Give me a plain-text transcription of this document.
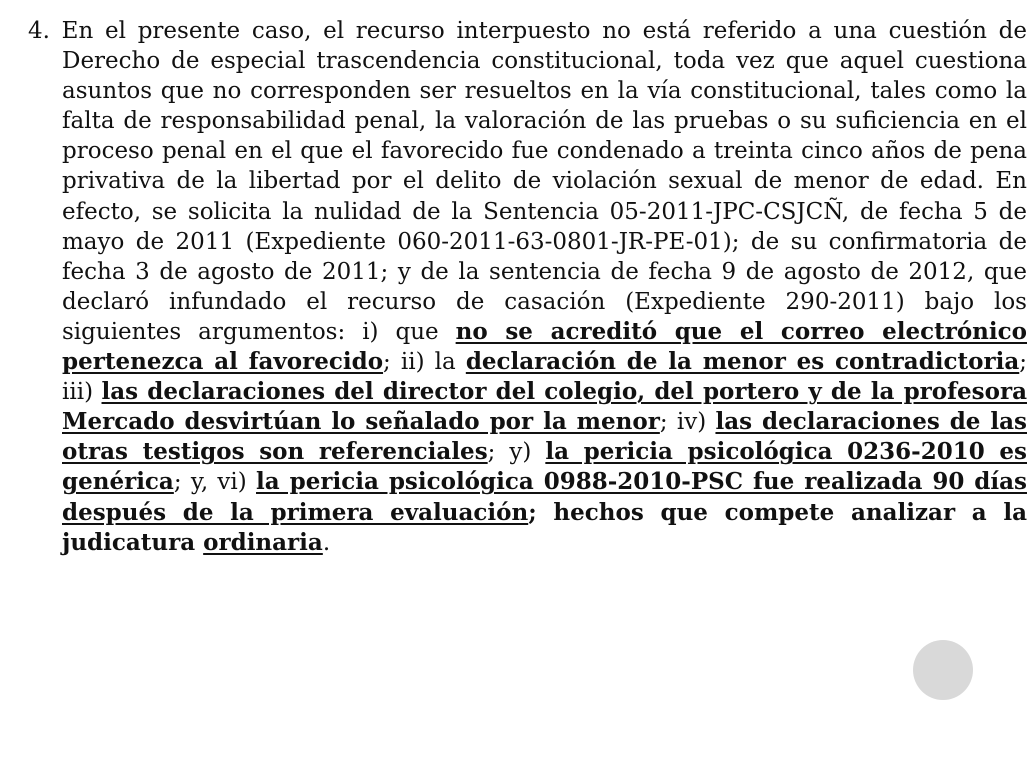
4. En el presente caso, el recurso interpuesto no está referido a una cuestión de Derecho de especial trascendencia constitucional, toda vez que aquel cuestiona asuntos que no corresponden ser resueltos en la vía constitucional, tales como la falta de responsabilidad penal, la valoración de las pruebas o su suficiencia en el proceso penal en el que el favorecido fue condenado a treinta cinco años de pena privativa de la libertad por el delito de violación sexual de menor de edad. En efecto, se solicita la nulidad de la Sentencia 05-2011-JPC-CSJCÑ, de fecha 5 de mayo de 2011 (Expediente 060-2011-63-0801-JR-PE-01); de su confirmatoria de fecha 3 de agosto de 2011; y de la sentencia de fecha 9 de agosto de 2012, que declaró infundado el recurso de casación (Expediente 290-2011) bajo los siguientes argumentos: i) que no se acreditó que el correo electrónico pertenezca al favorecido; ii) la declaración de la menor es contradictoria; iii) las declaraciones del director del colegio, del portero y de la profesora Mercado desvirtúan lo señalado por la menor; iv) las declaraciones de las otras testigos son referenciales; y) la pericia psicológica 0236-2010 es genérica; y, vi) la pericia psicológica 0988-2010-PSC fue realizada 90 días después de la primera evaluación; hechos que compete analizar a la judicatura ordinaria.
